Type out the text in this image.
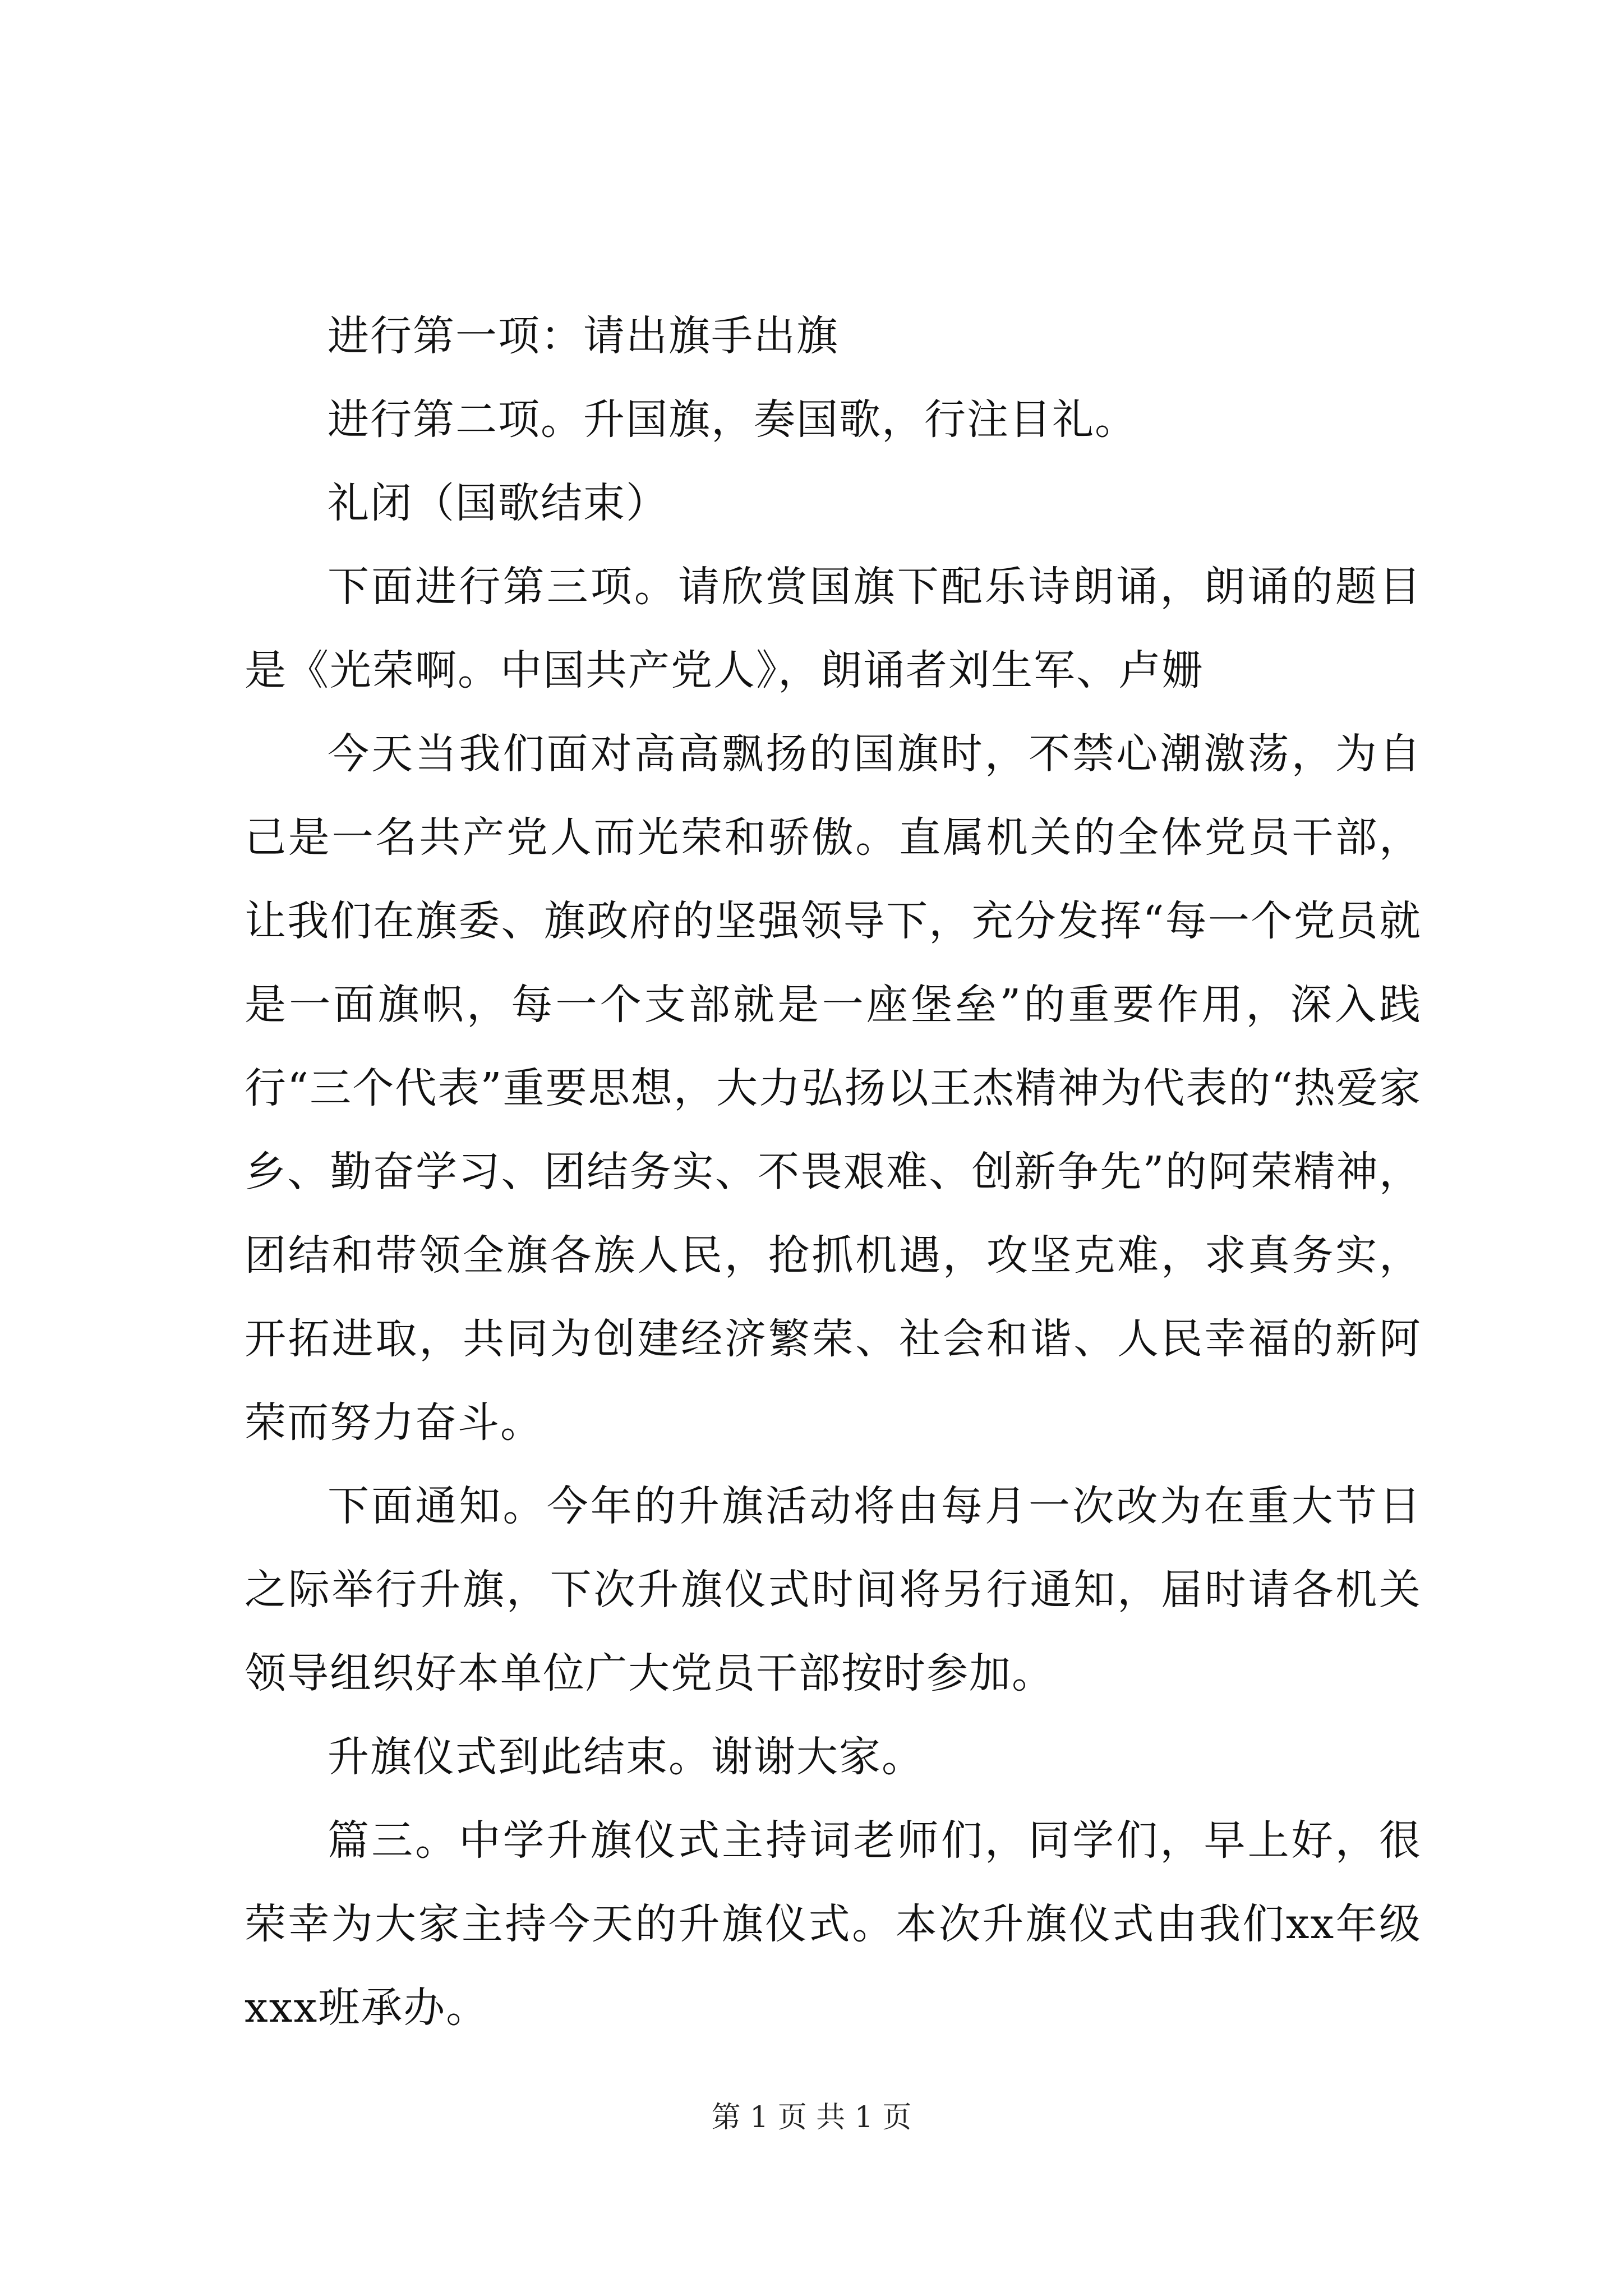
进行第一项：请出旗手出旗

进行第二项。升国旗，奏国歌，行注目礼。

礼闭（国歌结束）

下面进行第三项。请欣赏国旗下配乐诗朗诵，朗诵的题目是《光荣啊。中国共产党人》，朗诵者刘生军、卢姗

今天当我们面对高高飘扬的国旗时，不禁心潮激荡，为自己是一名共产党人而光荣和骄傲。直属机关的全体党员干部，让我们在旗委、旗政府的坚强领导下，充分发挥“每一个党员就是一面旗帜，每一个支部就是一座堡垒”的重要作用，深入践行“三个代表”重要思想，大力弘扬以王杰精神为代表的“热爱家乡、勤奋学习、团结务实、不畏艰难、创新争先”的阿荣精神，团结和带领全旗各族人民，抢抓机遇，攻坚克难，求真务实，开拓进取，共同为创建经济繁荣、社会和谐、人民幸福的新阿荣而努力奋斗。

下面通知。今年的升旗活动将由每月一次改为在重大节日之际举行升旗，下次升旗仪式时间将另行通知，届时请各机关领导组织好本单位广大党员干部按时参加。

升旗仪式到此结束。谢谢大家。

篇三。中学升旗仪式主持词老师们，同学们，早上好，很荣幸为大家主持今天的升旗仪式。本次升旗仪式由我们xx年级xxx班承办。

第 1 页 共 1 页
